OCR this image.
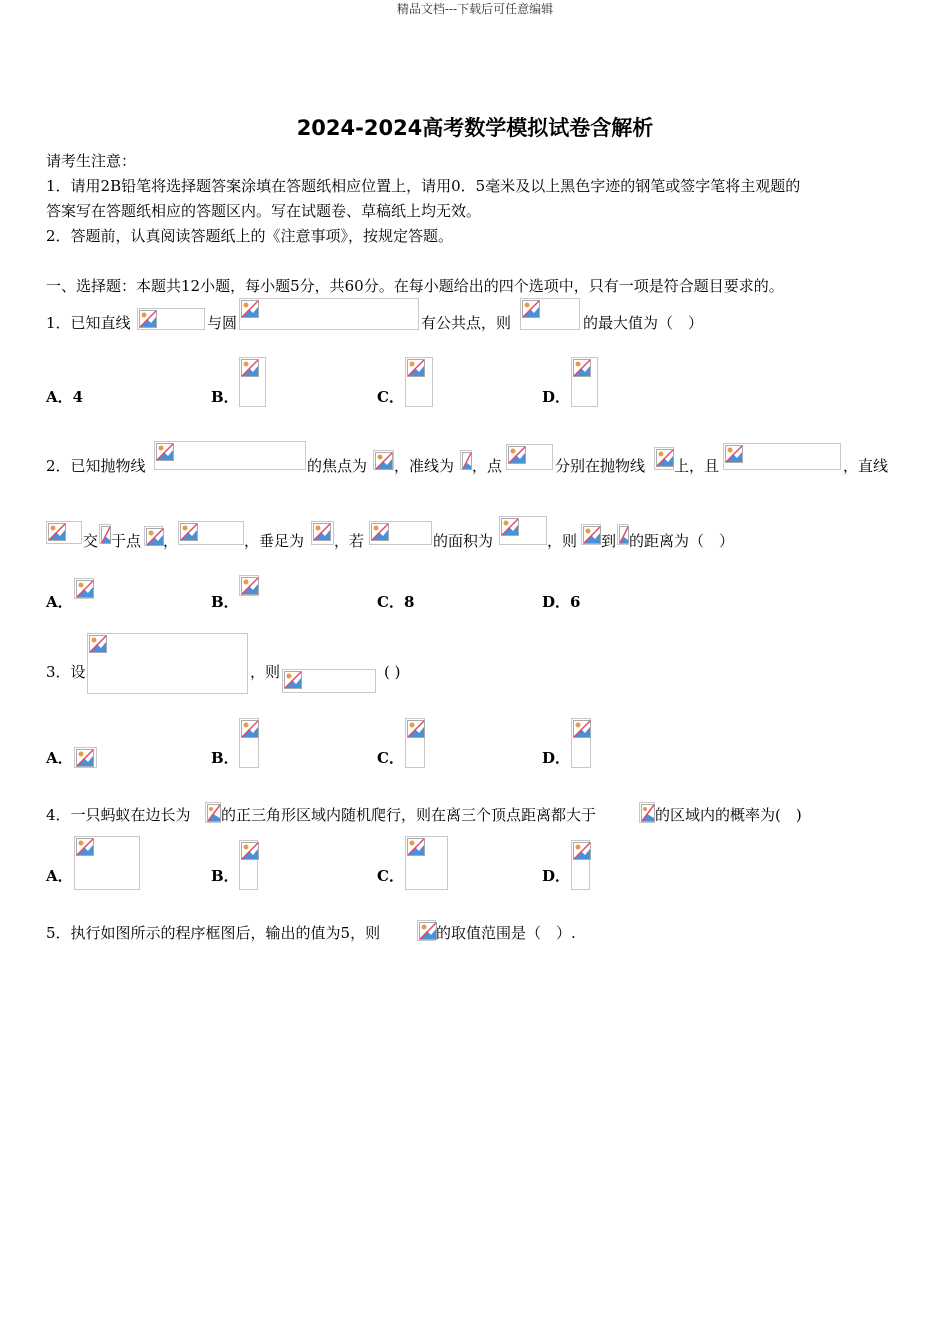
精品文档---下载后可任意编辑
2024-2024高考数学模拟试卷含解析
请考生注意：
1．请用2B铅笔将选择题答案涂填在答题纸相应位置上，请用0．5毫米及以上黑色字迹的钢笔或签字笔将主观题的
答案写在答题纸相应的答题区内。写在试题卷、草稿纸上均无效。
2．答题前，认真阅读答题纸上的《注意事项》，按规定答题。
一、选择题：本题共12小题，每小题5分，共60分。在每小题给出的四个选项中，只有一项是符合题目要求的。
1．已知直线	与圆	有公共点，则	的最大值为（　）
A．4	B．	C．	D．
2．已知抛物线	的焦点为 ，准线为 ，点	分别在抛物线 上，且	，直线
交 于点 ，	，垂足为 ，若	的面积为	，则 到 的距离为（　）
A．	B．	C．8	D．6
3．设	，则	( )
A．	B．	C．	D．
4．一只蚂蚁在边长为 的正三角形区域内随机爬行，则在离三个顶点距离都大于	的区域内的概率为(　)
A．	B．	C．	D．
5．执行如图所示的程序框图后，输出的值为5，则	的取值范围是（　）.
